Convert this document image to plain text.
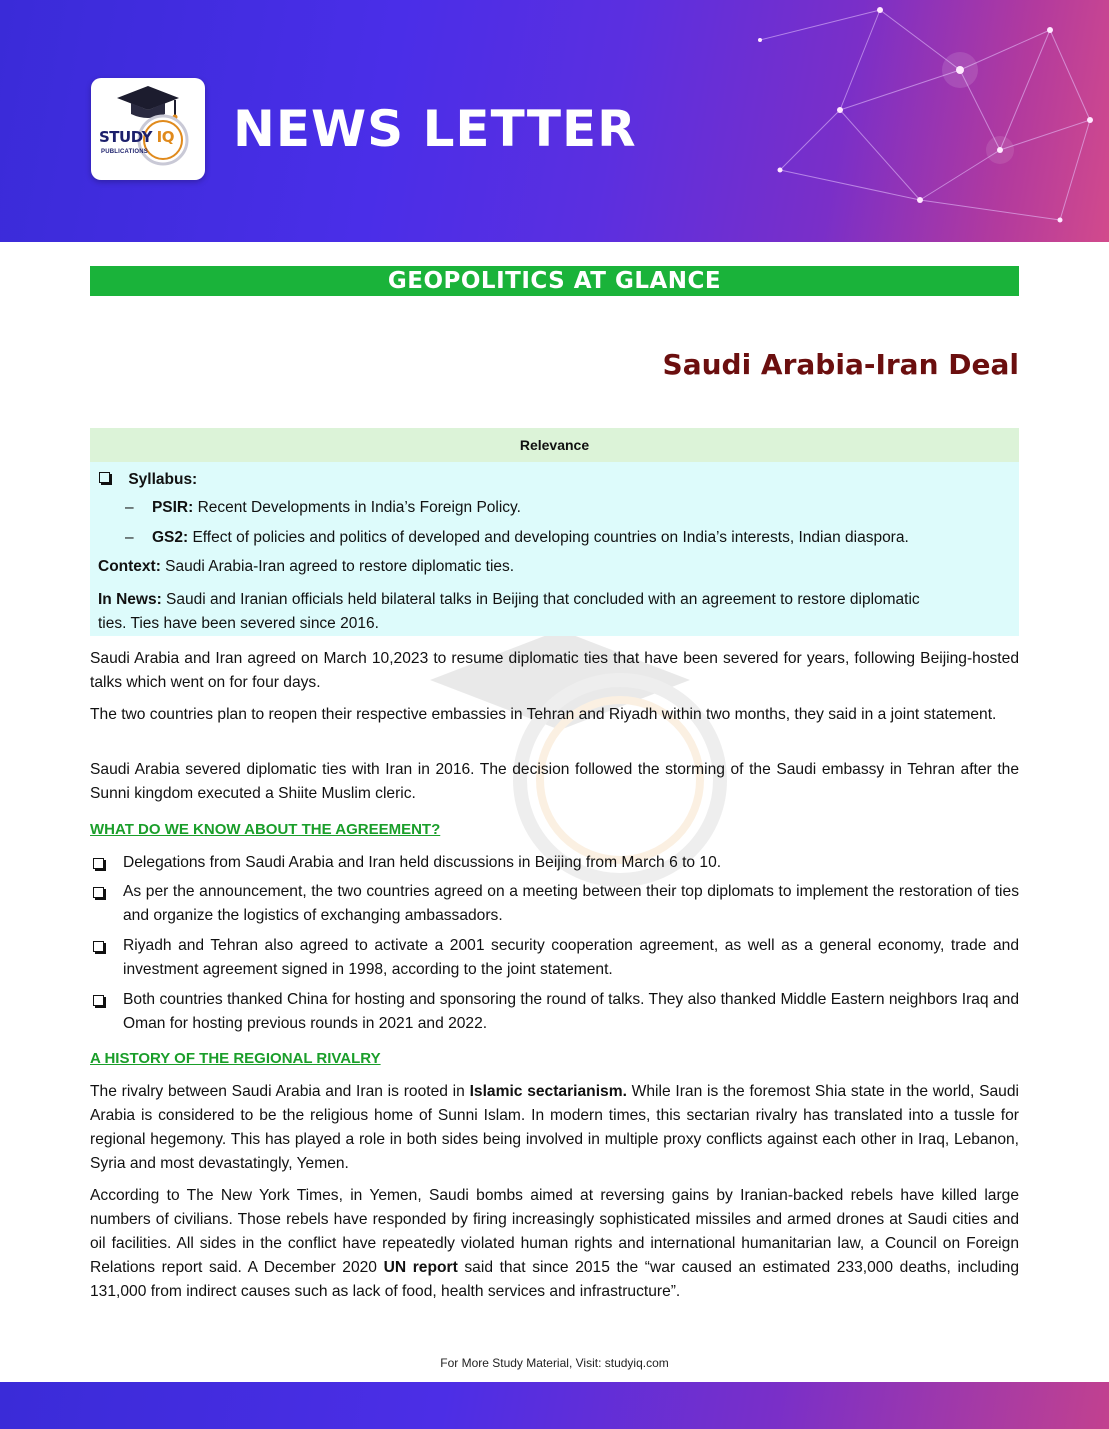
STUDY IQ
PUBLICATIONS NEWS LETTER
GEOPOLITICS AT GLANCE
Saudi Arabia-Iran Deal
Relevance
Syllabus:
– PSIR: Recent Developments in India’s Foreign Policy.
– GS2: Effect of policies and politics of developed and developing countries on India’s interests, Indian diaspora.
Context: Saudi Arabia-Iran agreed to restore diplomatic ties.
In News: Saudi and Iranian officials held bilateral talks in Beijing that concluded with an agreement to restore diplomatic
ties. Ties have been severed since 2016.
Saudi Arabia and Iran agreed on March 10,2023 to resume diplomatic ties that have been severed for years, following Beijing-hosted talks which went on for four days.
The two countries plan to reopen their respective embassies in Tehran and Riyadh within two months, they said in a joint statement.
Saudi Arabia severed diplomatic ties with Iran in 2016. The decision followed the storming of the Saudi embassy in Tehran after the Sunni kingdom executed a Shiite Muslim cleric.
WHAT DO WE KNOW ABOUT THE AGREEMENT?
Delegations from Saudi Arabia and Iran held discussions in Beijing from March 6 to 10.
As per the announcement, the two countries agreed on a meeting between their top diplomats to implement the restoration of ties and organize the logistics of exchanging ambassadors.
Riyadh and Tehran also agreed to activate a 2001 security cooperation agreement, as well as a general economy, trade and investment agreement signed in 1998, according to the joint statement.
Both countries thanked China for hosting and sponsoring the round of talks. They also thanked Middle Eastern neighbors Iraq and Oman for hosting previous rounds in 2021 and 2022.
A HISTORY OF THE REGIONAL RIVALRY
The rivalry between Saudi Arabia and Iran is rooted in Islamic sectarianism. While Iran is the foremost Shia state in the world, Saudi Arabia is considered to be the religious home of Sunni Islam. In modern times, this sectarian rivalry has translated into a tussle for regional hegemony. This has played a role in both sides being involved in multiple proxy conflicts against each other in Iraq, Lebanon, Syria and most devastatingly, Yemen.
According to The New York Times, in Yemen, Saudi bombs aimed at reversing gains by Iranian-backed rebels have killed large numbers of civilians. Those rebels have responded by firing increasingly sophisticated missiles and armed drones at Saudi cities and oil facilities. All sides in the conflict have repeatedly violated human rights and international humanitarian law, a Council on Foreign Relations report said. A December 2020 UN report said that since 2015 the “war caused an estimated 233,000 deaths, including 131,000 from indirect causes such as lack of food, health services and infrastructure”.
For More Study Material, Visit: studyiq.com
